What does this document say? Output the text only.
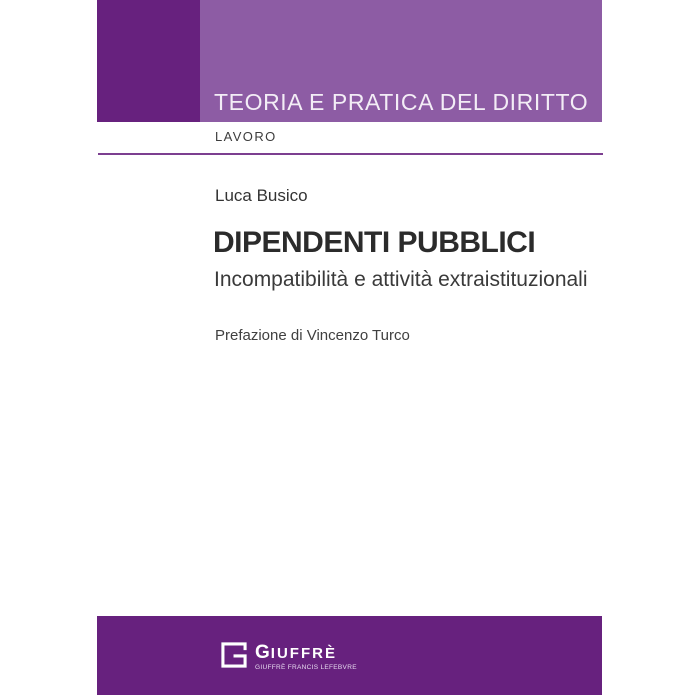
TEORIA E PRATICA DEL DIRITTO
LAVORO
Luca Busico
DIPENDENTI PUBBLICI
Incompatibilità e attività extraistituzionali
Prefazione di Vincenzo Turco
GIUFFRÈ
GIUFFRÈ FRANCIS LEFEBVRE
